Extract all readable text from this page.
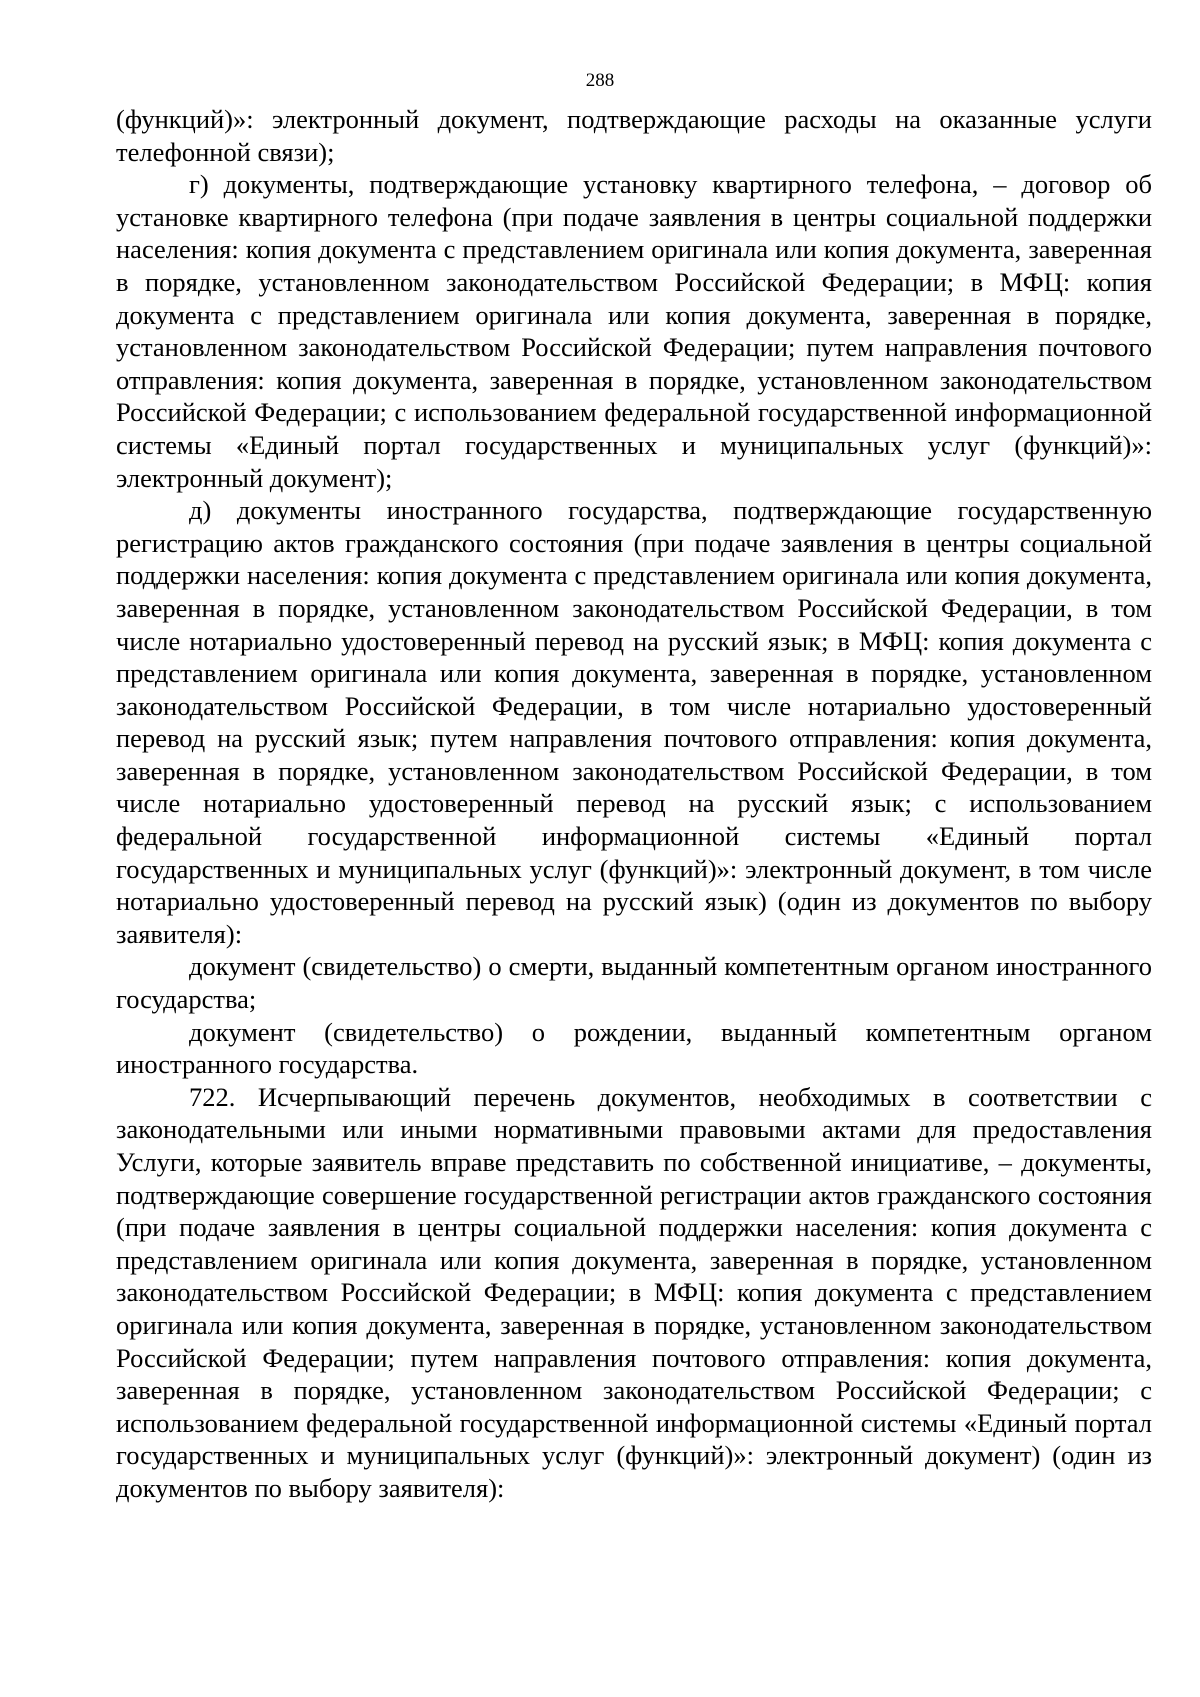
288

(функций)»: электронный документ, подтверждающие расходы на оказанные услуги телефонной связи);

г) документы, подтверждающие установку квартирного телефона, – договор об установке квартирного телефона (при подаче заявления в центры социальной поддержки населения: копия документа с представлением оригинала или копия документа, заверенная в порядке, установленном законодательством Российской Федерации; в МФЦ: копия документа с представлением оригинала или копия документа, заверенная в порядке, установленном законодательством Российской Федерации; путем направления почтового отправления: копия документа, заверенная в порядке, установленном законодательством Российской Федерации; с использованием федеральной государственной информационной системы «Единый портал государственных и муниципальных услуг (функций)»: электронный документ);

д) документы иностранного государства, подтверждающие государственную регистрацию актов гражданского состояния (при подаче заявления в центры социальной поддержки населения: копия документа с представлением оригинала или копия документа, заверенная в порядке, установленном законодательством Российской Федерации, в том числе нотариально удостоверенный перевод на русский язык; в МФЦ: копия документа с представлением оригинала или копия документа, заверенная в порядке, установленном законодательством Российской Федерации, в том числе нотариально удостоверенный перевод на русский язык; путем направления почтового отправления: копия документа, заверенная в порядке, установленном законодательством Российской Федерации, в том числе нотариально удостоверенный перевод на русский язык; с использованием федеральной государственной информационной системы «Единый портал государственных и муниципальных услуг (функций)»: электронный документ, в том числе нотариально удостоверенный перевод на русский язык) (один из документов по выбору заявителя):

документ (свидетельство) о смерти, выданный компетентным органом иностранного государства;

документ (свидетельство) о рождении, выданный компетентным органом иностранного государства.

722. Исчерпывающий перечень документов, необходимых в соответствии с законодательными или иными нормативными правовыми актами для предоставления Услуги, которые заявитель вправе представить по собственной инициативе, – документы, подтверждающие совершение государственной регистрации актов гражданского состояния (при подаче заявления в центры социальной поддержки населения: копия документа с представлением оригинала или копия документа, заверенная в порядке, установленном законодательством Российской Федерации; в МФЦ: копия документа с представлением оригинала или копия документа, заверенная в порядке, установленном законодательством Российской Федерации; путем направления почтового отправления: копия документа, заверенная в порядке, установленном законодательством Российской Федерации; с использованием федеральной государственной информационной системы «Единый портал государственных и муниципальных услуг (функций)»: электронный документ) (один из документов по выбору заявителя):
